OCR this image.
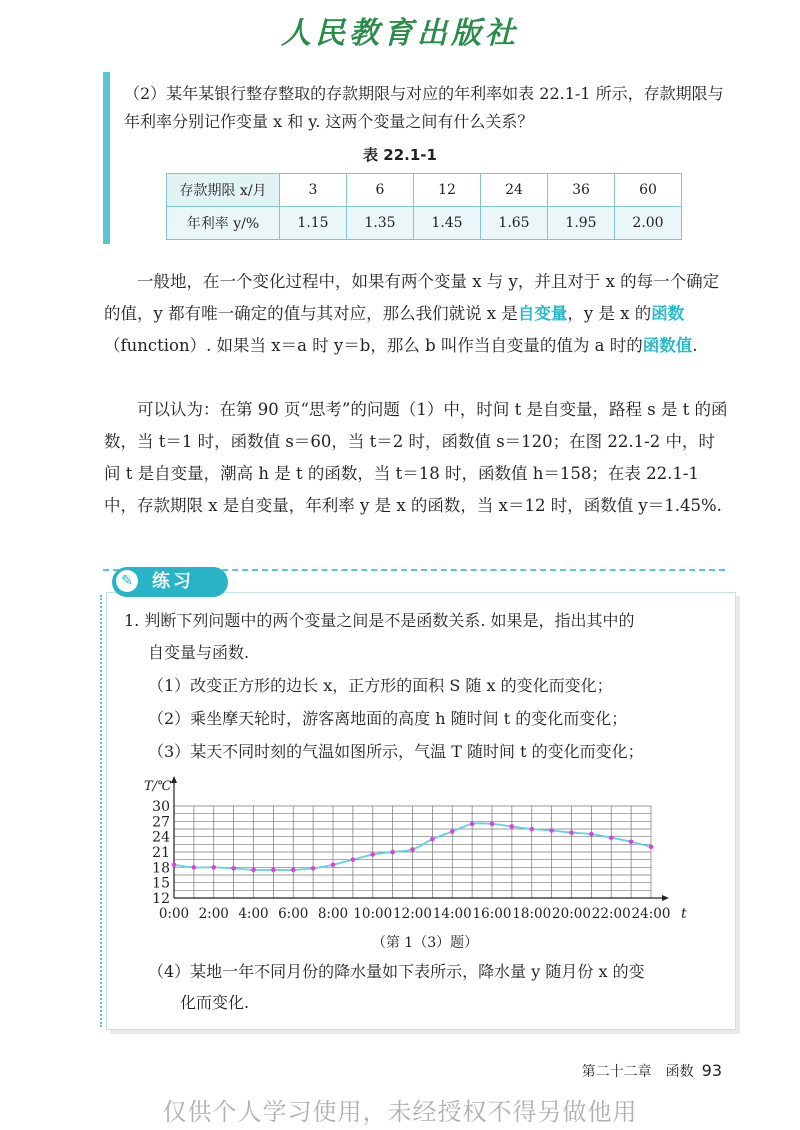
人民教育出版社
（2）某年某银行整存整取的存款期限与对应的年利率如表 22.1-1 所示，存款期限与年利率分别记作变量 x 和 y. 这两个变量之间有什么关系？
表 22.1-1
存款期限 x/月	3	6	12	24	36	60
年利率 y/%	1.15	1.35	1.45	1.65	1.95	2.00
一般地，在一个变化过程中，如果有两个变量 x 与 y，并且对于 x 的每一个确定的值，y 都有唯一确定的值与其对应，那么我们就说 x 是自变量，y 是 x 的函数（function）. 如果当 x＝a 时 y＝b，那么 b 叫作当自变量的值为 a 时的函数值.
可以认为：在第 90 页“思考”的问题（1）中，时间 t 是自变量，路程 s 是 t 的函数，当 t＝1 时，函数值 s＝60，当 t＝2 时，函数值 s＝120；在图 22.1-2 中，时间 t 是自变量，潮高 h 是 t 的函数，当 t＝18 时，函数值 h＝158；在表 22.1-1 中，存款期限 x 是自变量，年利率 y 是 x 的函数，当 x＝12 时，函数值 y＝1.45%.
✎ 练习
1. 判断下列问题中的两个变量之间是不是函数关系. 如果是，指出其中的
自变量与函数.
（1）改变正方形的边长 x，正方形的面积 S 随 x 的变化而变化；
（2）乘坐摩天轮时，游客离地面的高度 h 随时间 t 的变化而变化；
（3）某天不同时刻的气温如图所示，气温 T 随时间 t 的变化而变化；
12
15
18
21
24
27
30
0:00 2:00 4:00 6:00 8:00 10:00 12:00 14:00 16:00 18:00 20:00 22:00 24:00
T/℃
t
（第 1（3）题）
（4）某地一年不同月份的降水量如下表所示，降水量 y 随月份 x 的变
化而变化.
第二十二章　函数 93
仅供个人学习使用，未经授权不得另做他用
